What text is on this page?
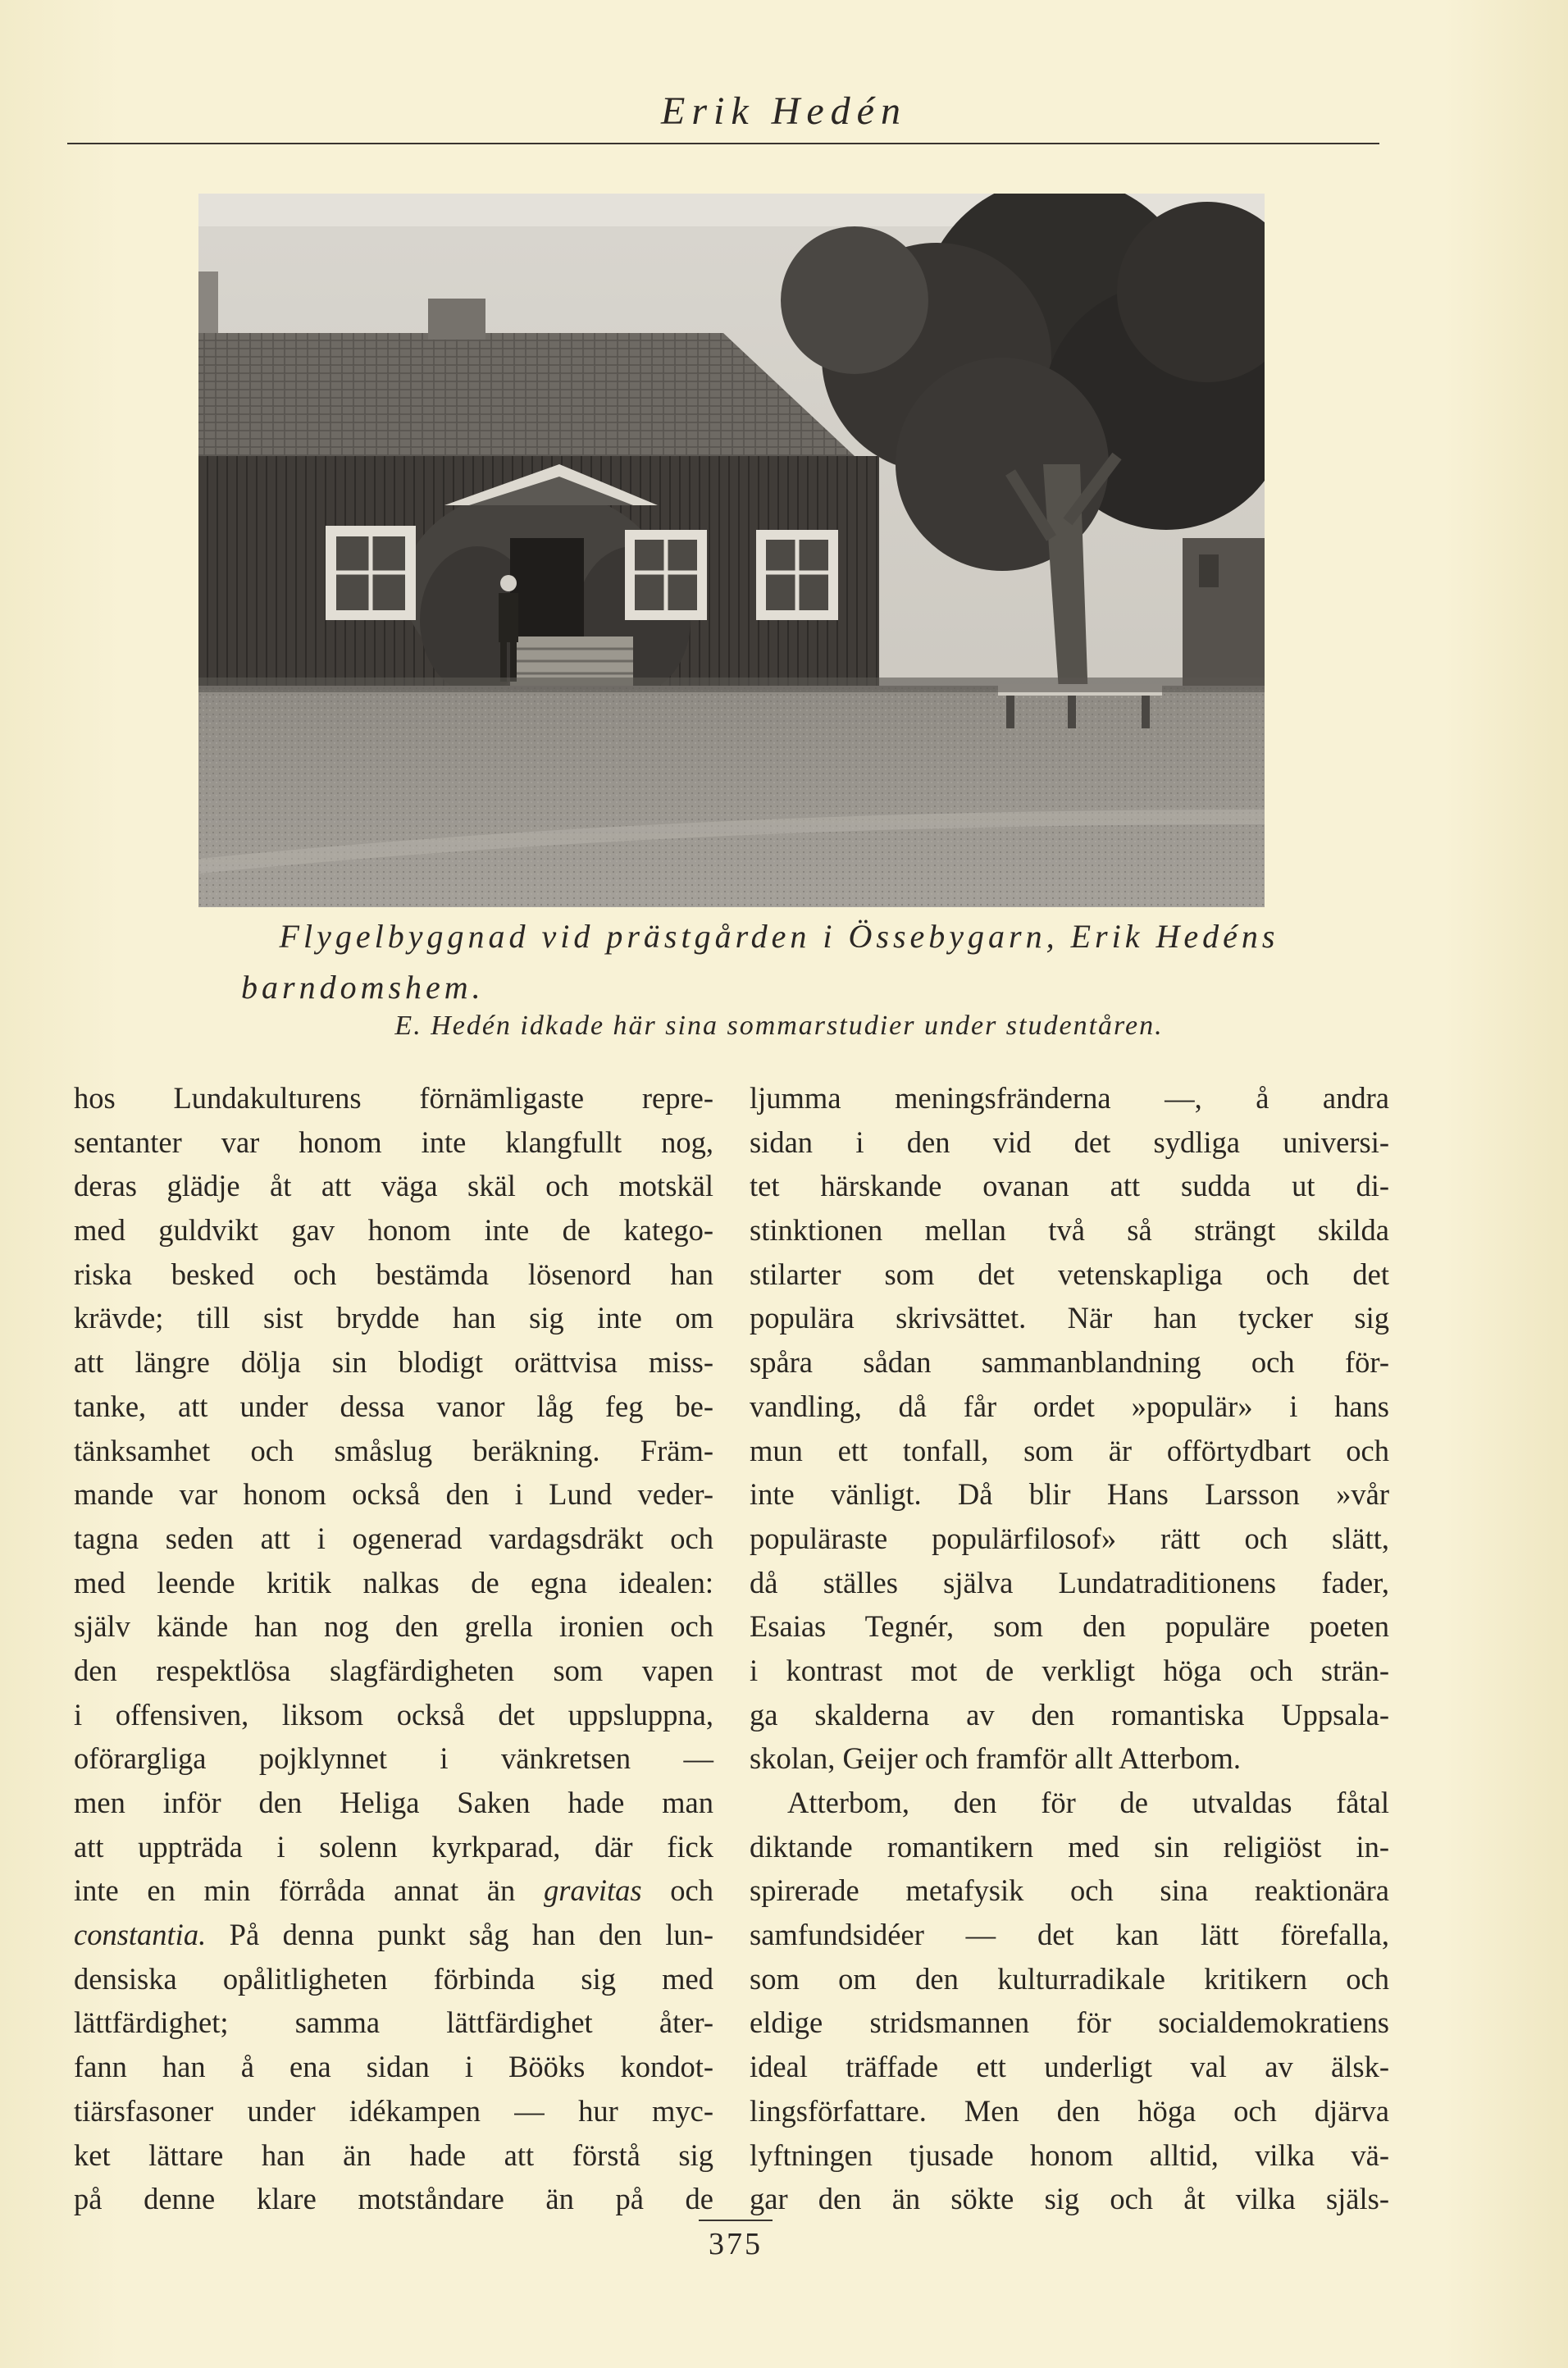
Erik Hedén
Flygelbyggnad vid prästgården i Össebygarn, Erik Hedéns
barndomshem.
E. Hedén idkade här sina sommarstudier under studentåren.
hos Lundakulturens förnämligaste repre-
sentanter var honom inte klangfullt nog,
deras glädje åt att väga skäl och motskäl
med guldvikt gav honom inte de katego-
riska besked och bestämda lösenord han
krävde; till sist brydde han sig inte om
att längre dölja sin blodigt orättvisa miss-
tanke, att under dessa vanor låg feg be-
tänksamhet och småslug beräkning. Främ-
mande var honom också den i Lund veder-
tagna seden att i ogenerad vardagsdräkt och
med leende kritik nalkas de egna idealen:
själv kände han nog den grella ironien och
den respektlösa slagfärdigheten som vapen
i offensiven, liksom också det uppsluppna,
oförargliga pojklynnet i vänkretsen —
men inför den Heliga Saken hade man
att uppträda i solenn kyrkparad, där fick
inte en min förråda annat än gravitas och
constantia. På denna punkt såg han den lun-
densiska opålitligheten förbinda sig med
lättfärdighet; samma lättfärdighet åter-
fann han å ena sidan i Bööks kondot-
tiärsfasoner under idékampen — hur myc-
ket lättare han än hade att förstå sig
på denne klare motståndare än på de
ljumma meningsfränderna —, å andra
sidan i den vid det sydliga universi-
tet härskande ovanan att sudda ut di-
stinktionen mellan två så strängt skilda
stilarter som det vetenskapliga och det
populära skrivsättet. När han tycker sig
spåra sådan sammanblandning och för-
vandling, då får ordet »populär» i hans
mun ett tonfall, som är offörtydbart och
inte vänligt. Då blir Hans Larsson »vår
populäraste populärfilosof» rätt och slätt,
då ställes själva Lundatraditionens fader,
Esaias Tegnér, som den populäre poeten
i kontrast mot de verkligt höga och strän-
ga skalderna av den romantiska Uppsala-
skolan, Geijer och framför allt Atterbom.
Atterbom, den för de utvaldas fåtal
diktande romantikern med sin religiöst in-
spirerade metafysik och sina reaktionära
samfundsidéer — det kan lätt förefalla,
som om den kulturradikale kritikern och
eldige stridsmannen för socialdemokratiens
ideal träffade ett underligt val av älsk-
lingsförfattare. Men den höga och djärva
lyftningen tjusade honom alltid, vilka vä-
gar den än sökte sig och åt vilka själs-
375
